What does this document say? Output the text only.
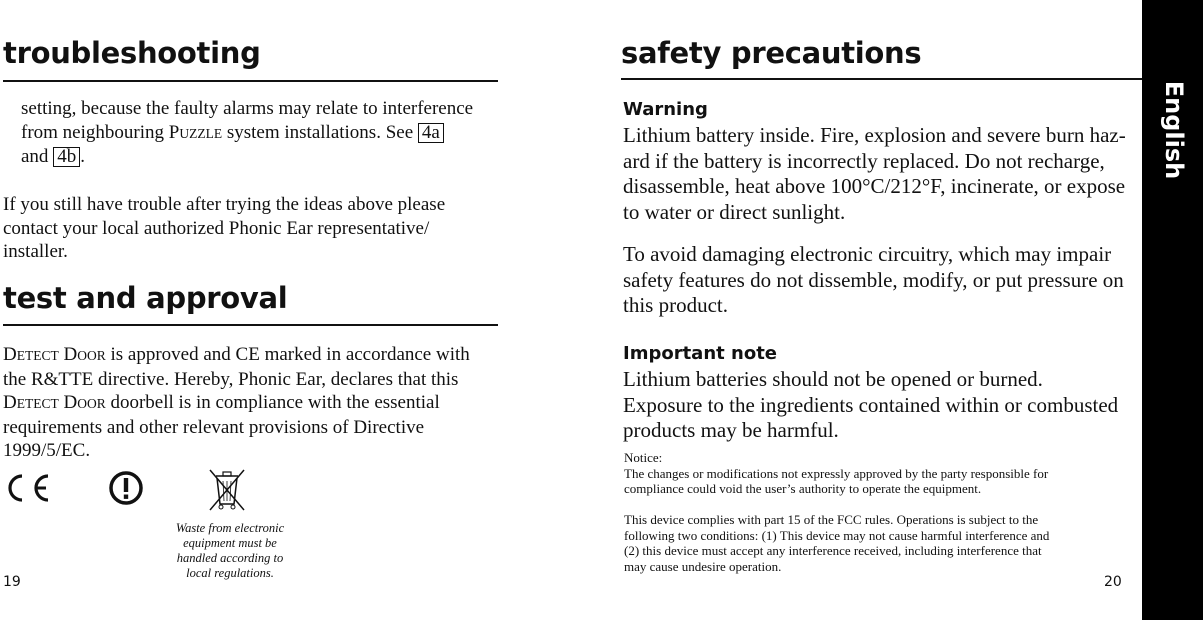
troubleshooting
setting, because the faulty alarms may relate to interference
from neighbouring PUZZLE system installations. See 4a
and 4b .
If you still have trouble after trying the ideas above please
contact your local authorized Phonic Ear representative/
installer.
test and approval
DETECT DOOR is approved and CE marked in accordance with
the R&TTE directive. Hereby, Phonic Ear, declares that this
DETECT DOOR doorbell is in compliance with the essential
requirements and other relevant provisions of Directive
1999/5/EC.
Waste from electronic
equipment must be
handled according to
local regulations.
19
safety precautions
Warning
Lithium battery inside. Fire, explosion and severe burn haz-
ard if the battery is incorrectly replaced. Do not recharge,
disassemble, heat above 100°C/212°F, incinerate, or expose
to water or direct sunlight.
To avoid damaging electronic circuitry, which may impair
safety features do not dissemble, modify, or put pressure on
this product.
Important note
Lithium batteries should not be opened or burned.
Exposure to the ingredients contained within or combusted
products may be harmful.
Notice:
The changes or modifications not expressly approved by the party responsible for
compliance could void the user’s authority to operate the equipment.
This device complies with part 15 of the FCC rules. Operations is subject to the
following two conditions: (1) This device may not cause harmful interference and
(2) this device must accept any interference received, including interference that
may cause undesire operation.
20
English
